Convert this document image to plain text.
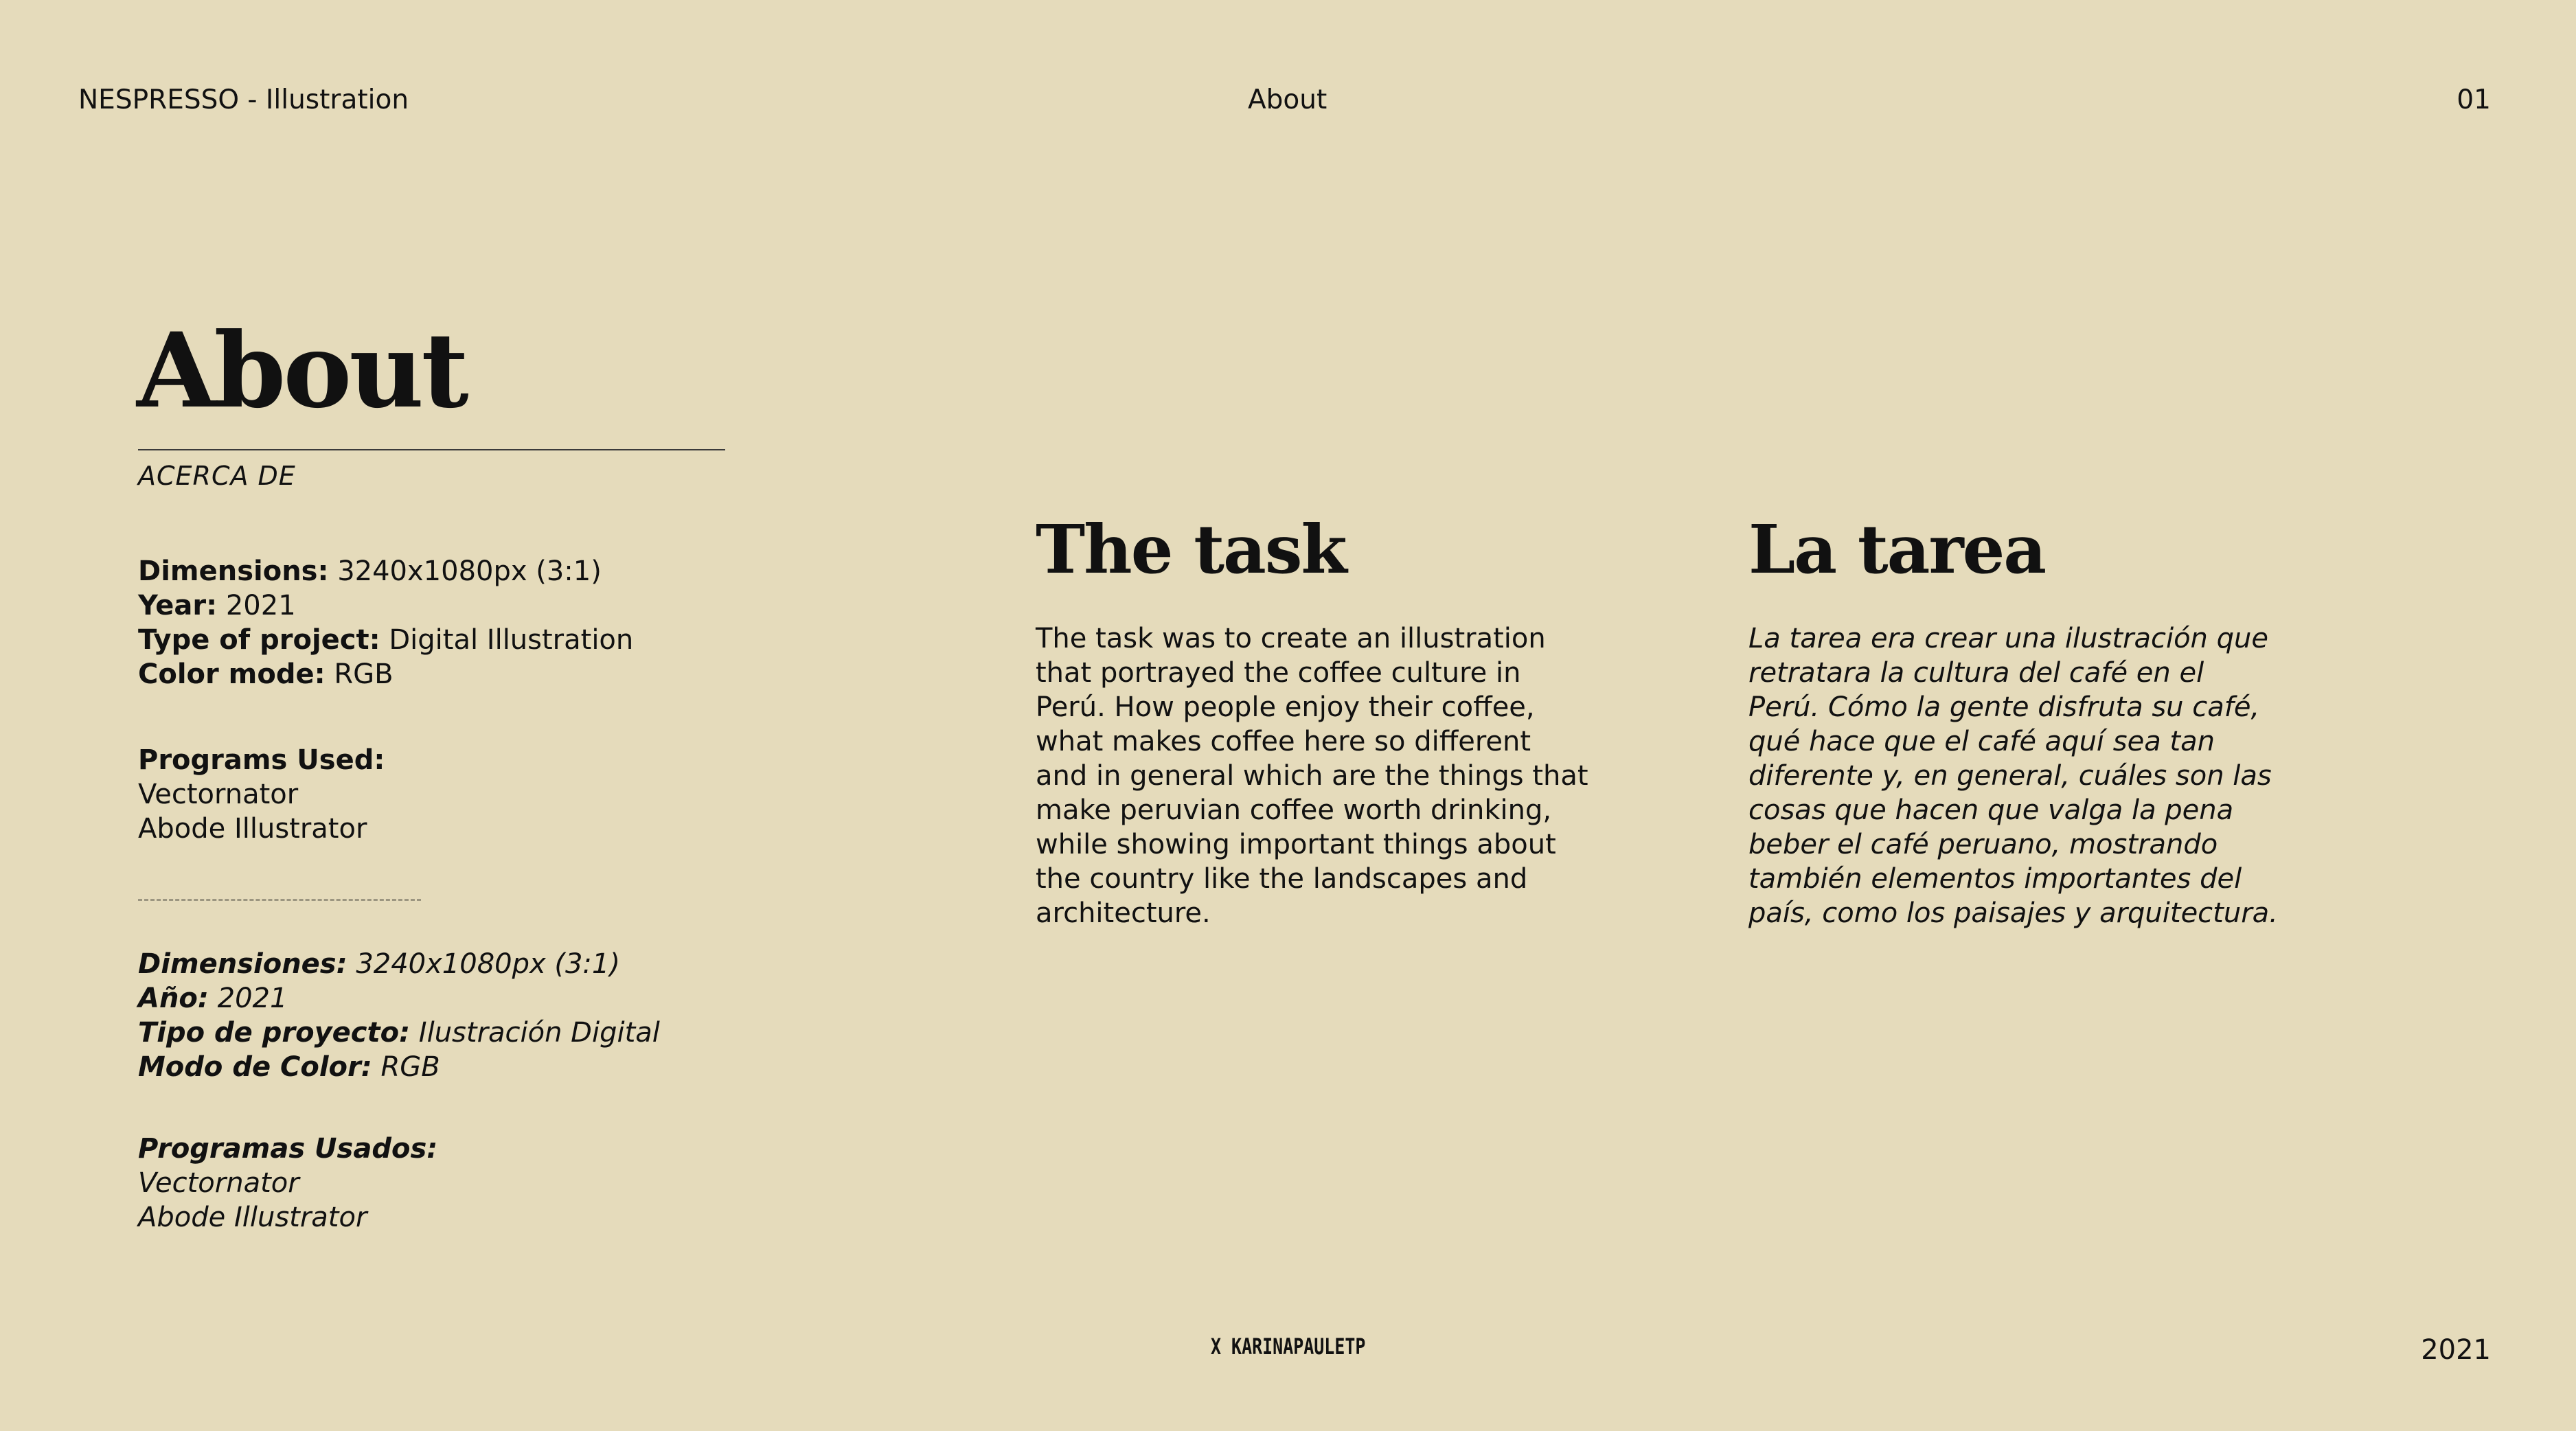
NESPRESSO - Illustration	About	01
About
ACERCA DE
Dimensions: 3240x1080px (3:1)
Year: 2021
Type of project: Digital Illustration
Color mode: RGB
Programs Used:
Vectornator
Abode Illustrator
Dimensiones: 3240x1080px (3:1)
Año: 2021
Tipo de proyecto: Ilustración Digital
Modo de Color: RGB
Programas Usados:
Vectornator
Abode Illustrator
The task
The task was to create an illustration
that portrayed the coffee culture in
Perú. How people enjoy their coffee,
what makes coffee here so different
and in general which are the things that
make peruvian coffee worth drinking,
while showing important things about
the country like the landscapes and
architecture.
La tarea
La tarea era crear una ilustración que
retratara la cultura del café en el
Perú. Cómo la gente disfruta su café,
qué hace que el café aquí sea tan
diferente y, en general, cuáles son las
cosas que hacen que valga la pena
beber el café peruano, mostrando
también elementos importantes del
país, como los paisajes y arquitectura.
X KARINAPAULETP	2021
